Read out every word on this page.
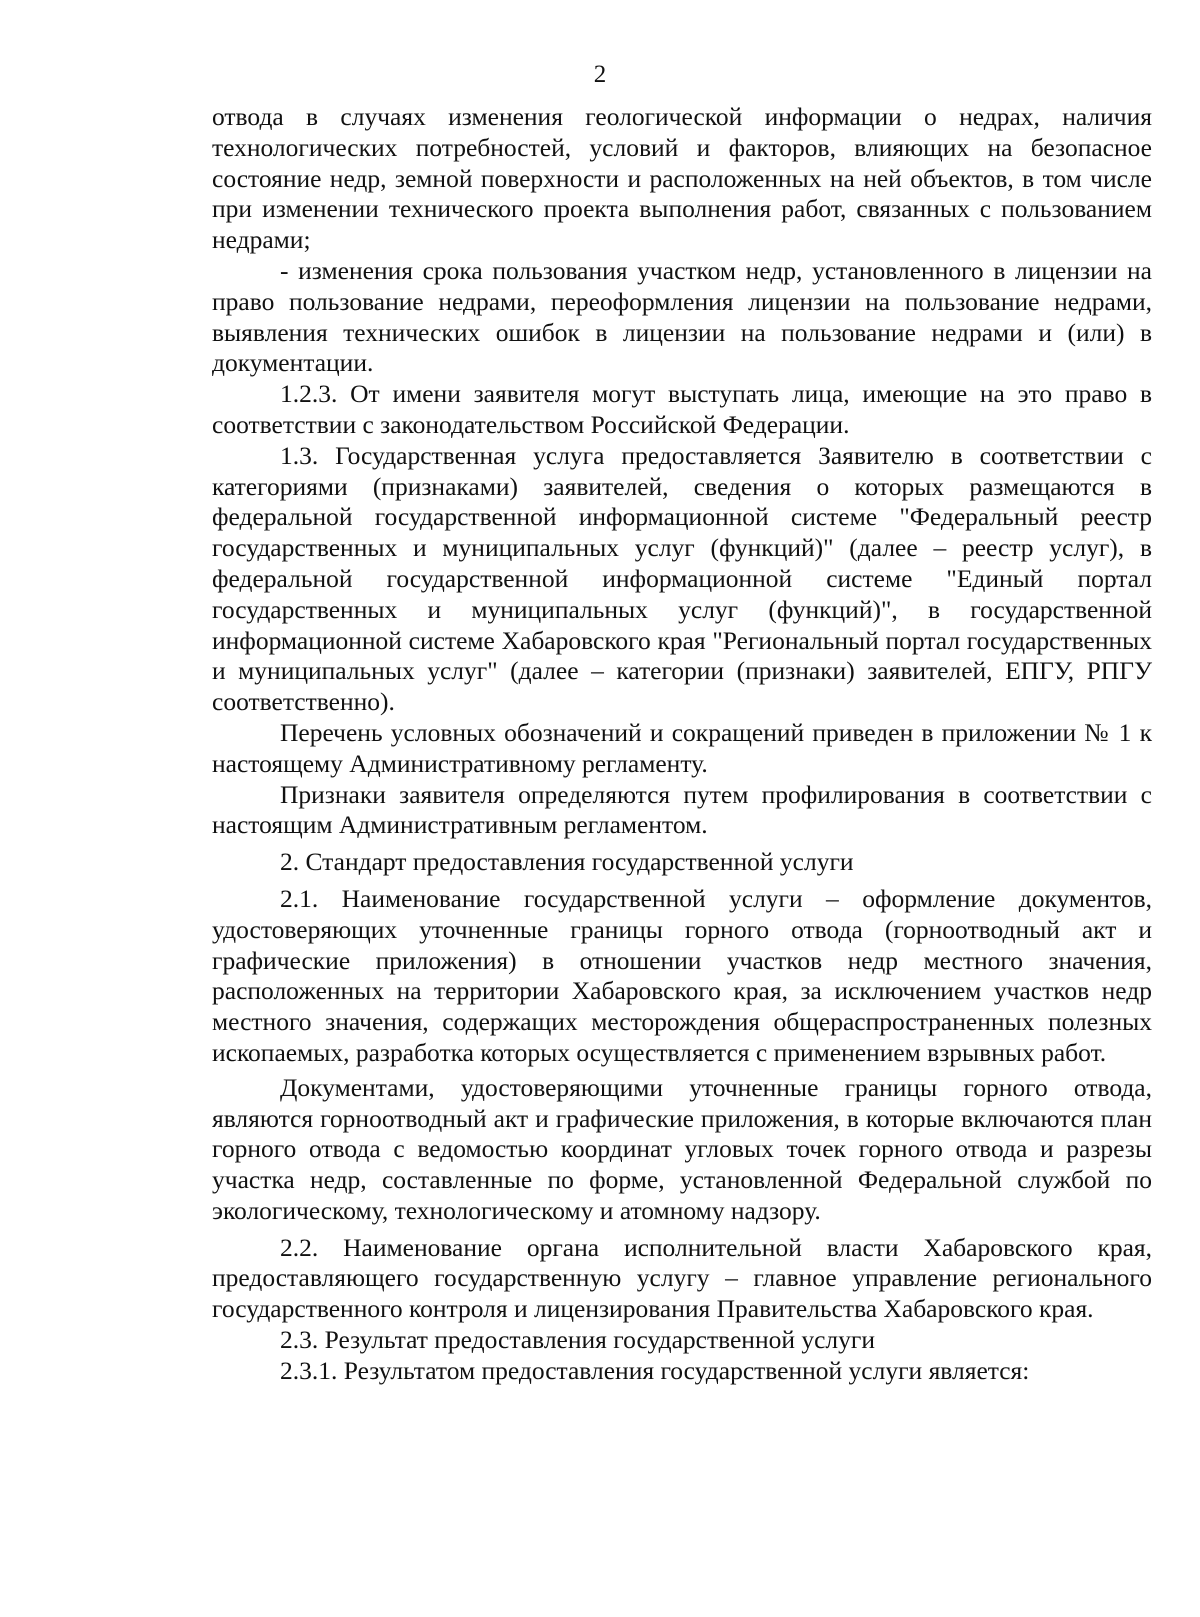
2

отвода в случаях изменения геологической информации о недрах, наличия технологических потребностей, условий и факторов, влияющих на безопасное состояние недр, земной поверхности и расположенных на ней объектов, в том числе при изменении технического проекта выполнения работ, связанных с пользованием недрами;

- изменения срока пользования участком недр, установленного в лицензии на право пользование недрами, переоформления лицензии на пользование недрами, выявления технических ошибок в лицензии на пользование недрами и (или) в документации.

1.2.3. От имени заявителя могут выступать лица, имеющие на это право в соответствии с законодательством Российской Федерации.

1.3. Государственная услуга предоставляется Заявителю в соответствии с категориями (признаками) заявителей, сведения о которых размещаются в федеральной государственной информационной системе "Федеральный реестр государственных и муниципальных услуг (функций)" (далее – реестр услуг), в федеральной государственной информационной системе "Единый портал государственных и муниципальных услуг (функций)", в государственной информационной системе Хабаровского края "Региональный портал государственных и муниципальных услуг" (далее – категории (признаки) заявителей, ЕПГУ, РПГУ соответственно).

Перечень условных обозначений и сокращений приведен в приложении № 1 к настоящему Административному регламенту.

Признаки заявителя определяются путем профилирования в соответствии с настоящим Административным регламентом.

2. Стандарт предоставления государственной услуги

2.1. Наименование государственной услуги – оформление документов, удостоверяющих уточненные границы горного отвода (горноотводный акт и графические приложения) в отношении участков недр местного значения, расположенных на территории Хабаровского края, за исключением участков недр местного значения, содержащих месторождения общераспространенных полезных ископаемых, разработка которых осуществляется с применением взрывных работ.

Документами, удостоверяющими уточненные границы горного отвода, являются горноотводный акт и графические приложения, в которые включаются план горного отвода с ведомостью координат угловых точек горного отвода и разрезы участка недр, составленные по форме, установленной Федеральной службой по экологическому, технологическому и атомному надзору.

2.2. Наименование органа исполнительной власти Хабаровского края, предоставляющего государственную услугу – главное управление регионального государственного контроля и лицензирования Правительства Хабаровского края.

2.3. Результат предоставления государственной услуги

2.3.1. Результатом предоставления государственной услуги является:
